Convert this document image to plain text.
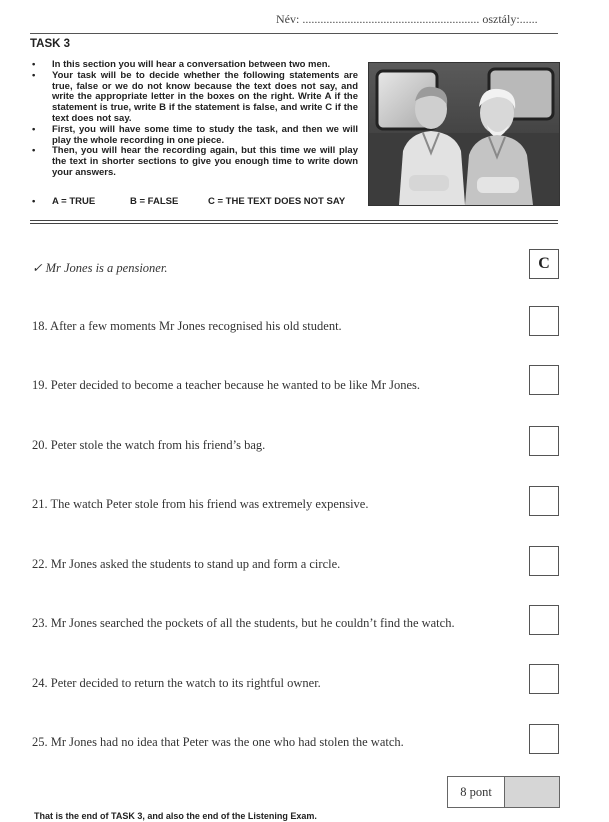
Név: ........................................................... osztály:......
TASK 3
• In this section you will hear a conversation between two men.
• Your task will be to decide whether the following statements are true, false or we do not know because the text does not say, and write the appropriate letter in the boxes on the right. Write A if the statement is true, write B if the statement is false, and write C if the text does not say.
• First, you will have some time to study the task, and then we will play the whole recording in one piece.
• Then, you will hear the recording again, but this time we will play the text in shorter sections to give you enough time to write down your answers.
• A = TRUE	B = FALSE	C = THE TEXT DOES NOT SAY
✓ Mr Jones is a pensioner.	C
18. After a few moments Mr Jones recognised his old student.
19. Peter decided to become a teacher because he wanted to be like Mr Jones.
20. Peter stole the watch from his friend’s bag.
21. The watch Peter stole from his friend was extremely expensive.
22. Mr Jones asked the students to stand up and form a circle.
23. Mr Jones searched the pockets of all the students, but he couldn’t find the watch.
24. Peter decided to return the watch to its rightful owner.
25. Mr Jones had no idea that Peter was the one who had stolen the watch.
8 pont
That is the end of TASK 3, and also the end of the Listening Exam.
